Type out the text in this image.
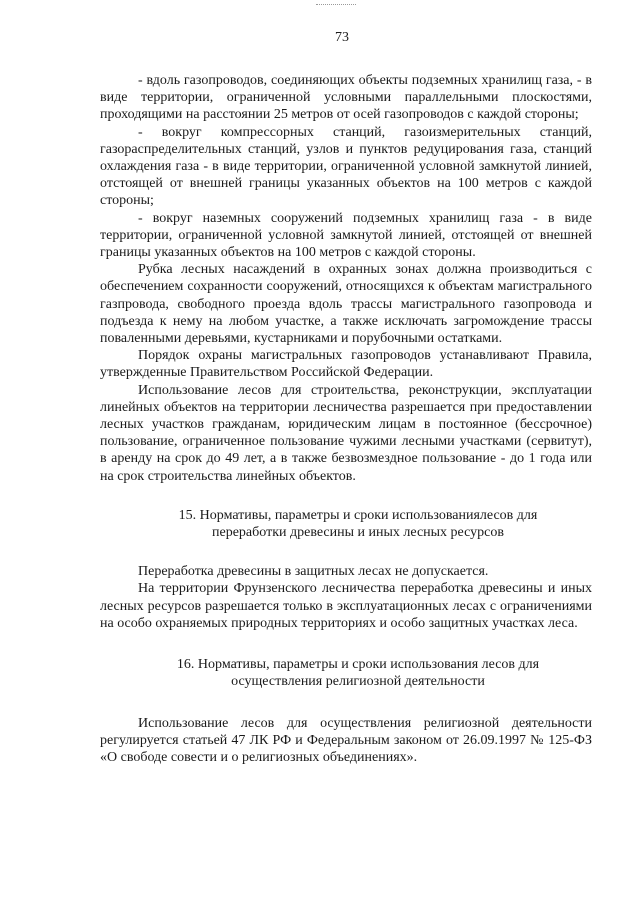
73

- вдоль газопроводов, соединяющих объекты подземных хранилищ газа, - в виде территории, ограниченной условными параллельными плоскостями, проходящими на расстоянии 25 метров от осей газопроводов с каждой стороны;

- вокруг компрессорных станций, газоизмерительных станций, газораспределительных станций, узлов и пунктов редуцирования газа, станций охлаждения газа - в виде территории, ограниченной условной замкнутой линией, отстоящей от внешней границы указанных объектов на 100 метров с каждой стороны;

- вокруг наземных сооружений подземных хранилищ газа - в виде территории, ограниченной условной замкнутой линией, отстоящей от внешней границы указанных объектов на 100 метров с каждой стороны.

Рубка лесных насаждений в охранных зонах должна производиться с обеспечением сохранности сооружений, относящихся к объектам магистрального газпровода, свободного проезда вдоль трассы магистрального газопровода и подъезда к нему на любом участке, а также исключать загромождение трассы поваленными деревьями, кустарниками и порубочными остатками.

Порядок охраны магистральных газопроводов устанавливают Правила, утвержденные Правительством Российской Федерации.

Использование лесов для строительства, реконструкции, эксплуатации линейных объектов на территории лесничества разрешается при предоставлении лесных участков гражданам, юридическим лицам в постоянное (бессрочное) пользование, ограниченное пользование чужими лесными участками (сервитут), в аренду на срок до 49 лет, а в также безвозмездное пользование - до 1 года или на срок строительства линейных объектов.

15. Нормативы, параметры и сроки использованиялесов для
переработки древесины и иных лесных ресурсов

Переработка древесины в защитных лесах не допускается.

На территории Фрунзенского лесничества переработка древесины и иных лесных ресурсов разрешается только в эксплуатационных лесах с ограничениями на особо охраняемых природных территориях и особо защитных участках леса.

16. Нормативы, параметры и сроки использования лесов для
осуществления религиозной деятельности

Использование лесов для осуществления религиозной деятельности регулируется статьей 47 ЛК РФ и Федеральным законом от 26.09.1997 № 125-ФЗ «О свободе совести и о религиозных объединениях».
